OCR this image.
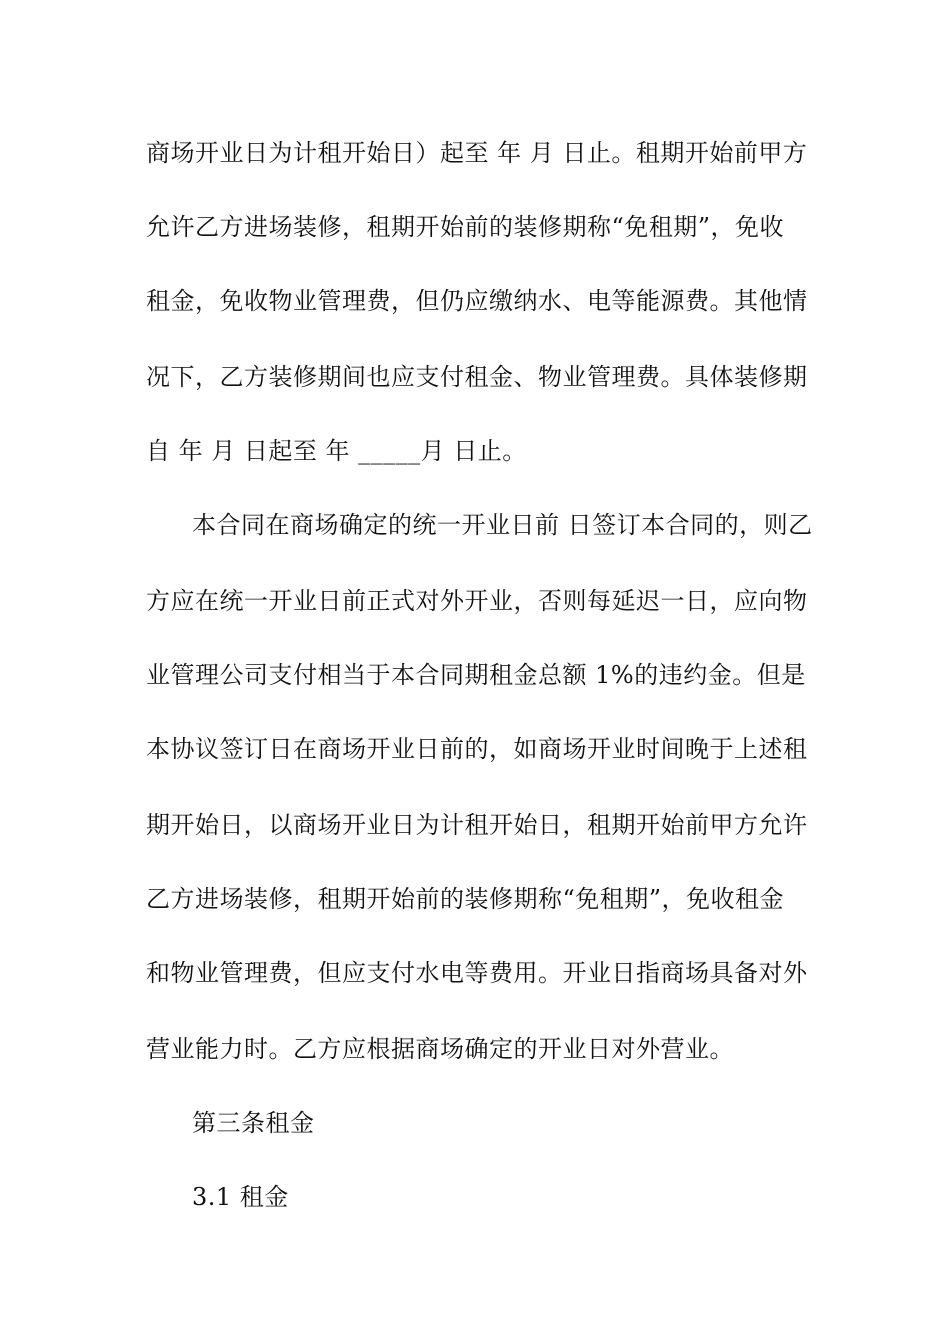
商场开业日为计租开始日）起至 年 月 日止。租期开始前甲方
允许乙方进场装修，租期开始前的装修期称“免租期”，免收
租金，免收物业管理费，但仍应缴纳水、电等能源费。其他情
况下，乙方装修期间也应支付租金、物业管理费。具体装修期
自 年 月 日起至 年 _____月 日止。
本合同在商场确定的统一开业日前 日签订本合同的，则乙
方应在统一开业日前正式对外开业，否则每延迟一日，应向物
业管理公司支付相当于本合同期租金总额 1%的违约金。但是
本协议签订日在商场开业日前的，如商场开业时间晚于上述租
期开始日，以商场开业日为计租开始日，租期开始前甲方允许
乙方进场装修，租期开始前的装修期称“免租期”，免收租金
和物业管理费，但应支付水电等费用。开业日指商场具备对外
营业能力时。乙方应根据商场确定的开业日对外营业。
第三条租金
3.1 租金
